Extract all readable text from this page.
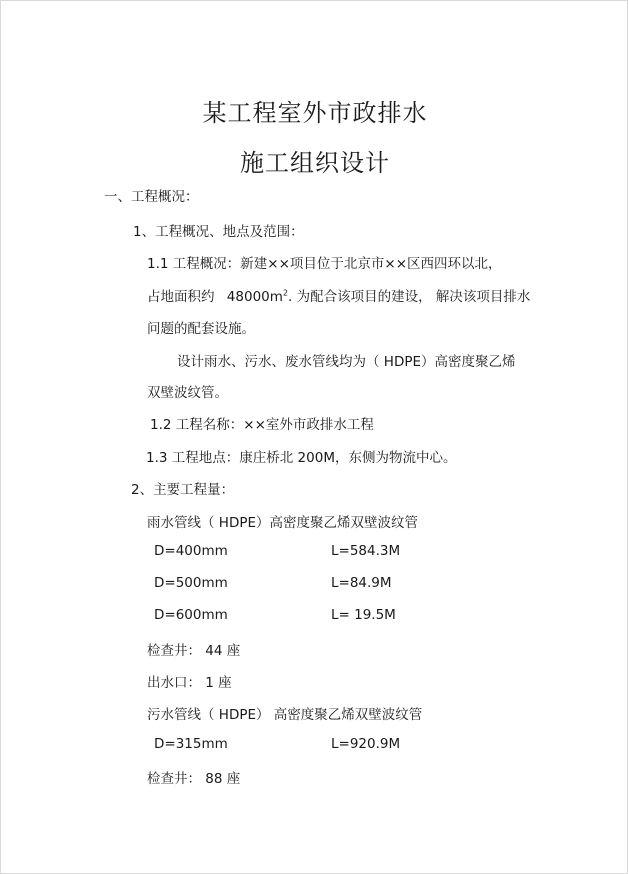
某工程室外市政排水
施工组织设计
一、工程概况：
1、工程概况、地点及范围：
1.1 工程概况：新建××项目位于北京市××区西四环以北，
占地面积约 $48000m^2$. 为配合该项目的建设， 解决该项目排水
问题的配套设施。
设计雨水、污水、废水管线均为（ HDPE）高密度聚乙烯
双壁波纹管。
1.2 工程名称：××室外市政排水工程
1.3 工程地点：康庄桥北 200M，东侧为物流中心。
2、主要工程量：
雨水管线（ HDPE）高密度聚乙烯双壁波纹管
D=400mm	L=584.3M
D=500mm	L=84.9M
D=600mm	L= 19.5M
检查井： 44 座
出水口： 1 座
污水管线（ HDPE） 高密度聚乙烯双壁波纹管
D=315mm	L=920.9M
检查井： 88 座
